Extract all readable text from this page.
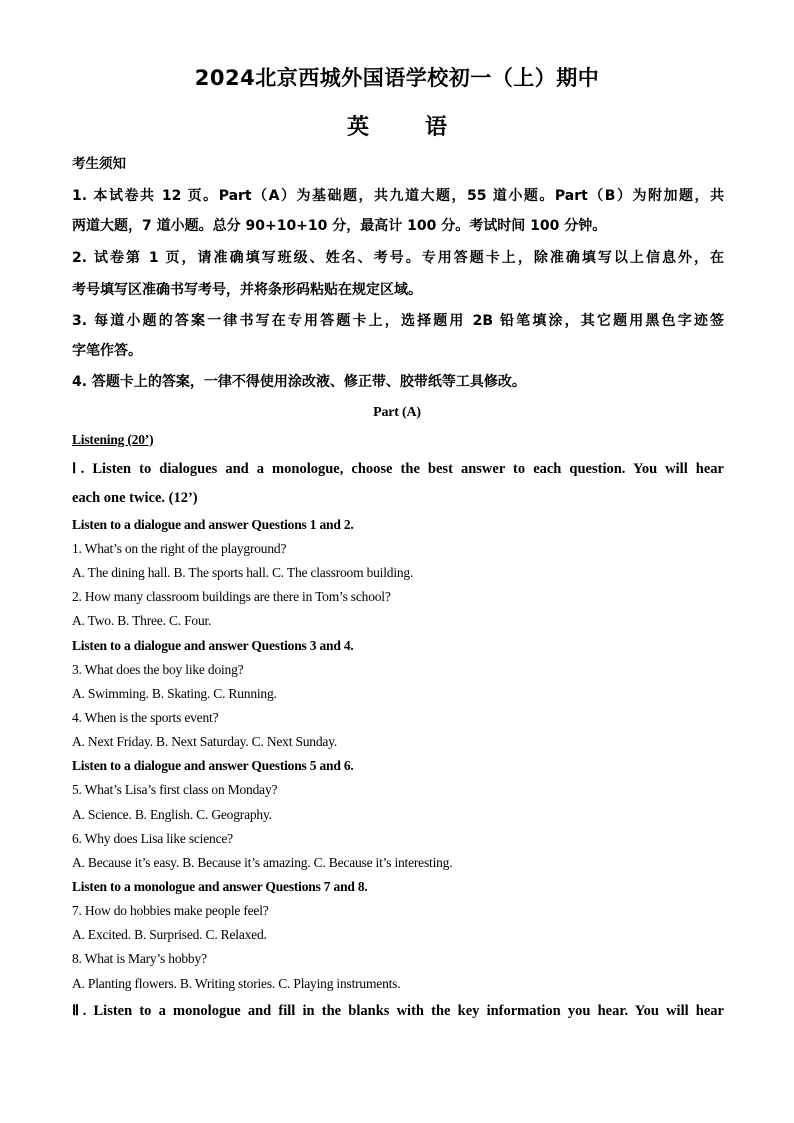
2024北京西城外国语学校初一（上）期中
英	语
考生须知
1. 本试卷共 12 页。Part（A）为基础题，共九道大题，55 道小题。Part（B）为附加题，共
两道大题，7 道小题。总分 90+10+10 分，最高计 100 分。考试时间 100 分钟。
2. 试卷第 1 页，请准确填写班级、姓名、考号。专用答题卡上，除准确填写以上信息外，在
考号填写区准确书写考号，并将条形码粘贴在规定区域。
3. 每道小题的答案一律书写在专用答题卡上，选择题用 2B 铅笔填涂，其它题用黑色字迹签
字笔作答。
4. 答题卡上的答案，一律不得使用涂改液、修正带、胶带纸等工具修改。
Part (A)
Listening (20’)
Ⅰ. Listen to dialogues and a monologue, choose the best answer to each question. You will hear
each one twice. (12’)
Listen to a dialogue and answer Questions 1 and 2.
1. What’s on the right of the playground?
A. The dining hall. B. The sports hall. C. The classroom building.
2. How many classroom buildings are there in Tom’s school?
A. Two. B. Three. C. Four.
Listen to a dialogue and answer Questions 3 and 4.
3. What does the boy like doing?
A. Swimming. B. Skating. C. Running.
4. When is the sports event?
A. Next Friday. B. Next Saturday. C. Next Sunday.
Listen to a dialogue and answer Questions 5 and 6.
5. What’s Lisa’s first class on Monday?
A. Science. B. English. C. Geography.
6. Why does Lisa like science?
A. Because it’s easy. B. Because it’s amazing. C. Because it’s interesting.
Listen to a monologue and answer Questions 7 and 8.
7. How do hobbies make people feel?
A. Excited. B. Surprised. C. Relaxed.
8. What is Mary’s hobby?
A. Planting flowers. B. Writing stories. C. Playing instruments.
Ⅱ. Listen to a monologue and fill in the blanks with the key information you hear. You will hear
